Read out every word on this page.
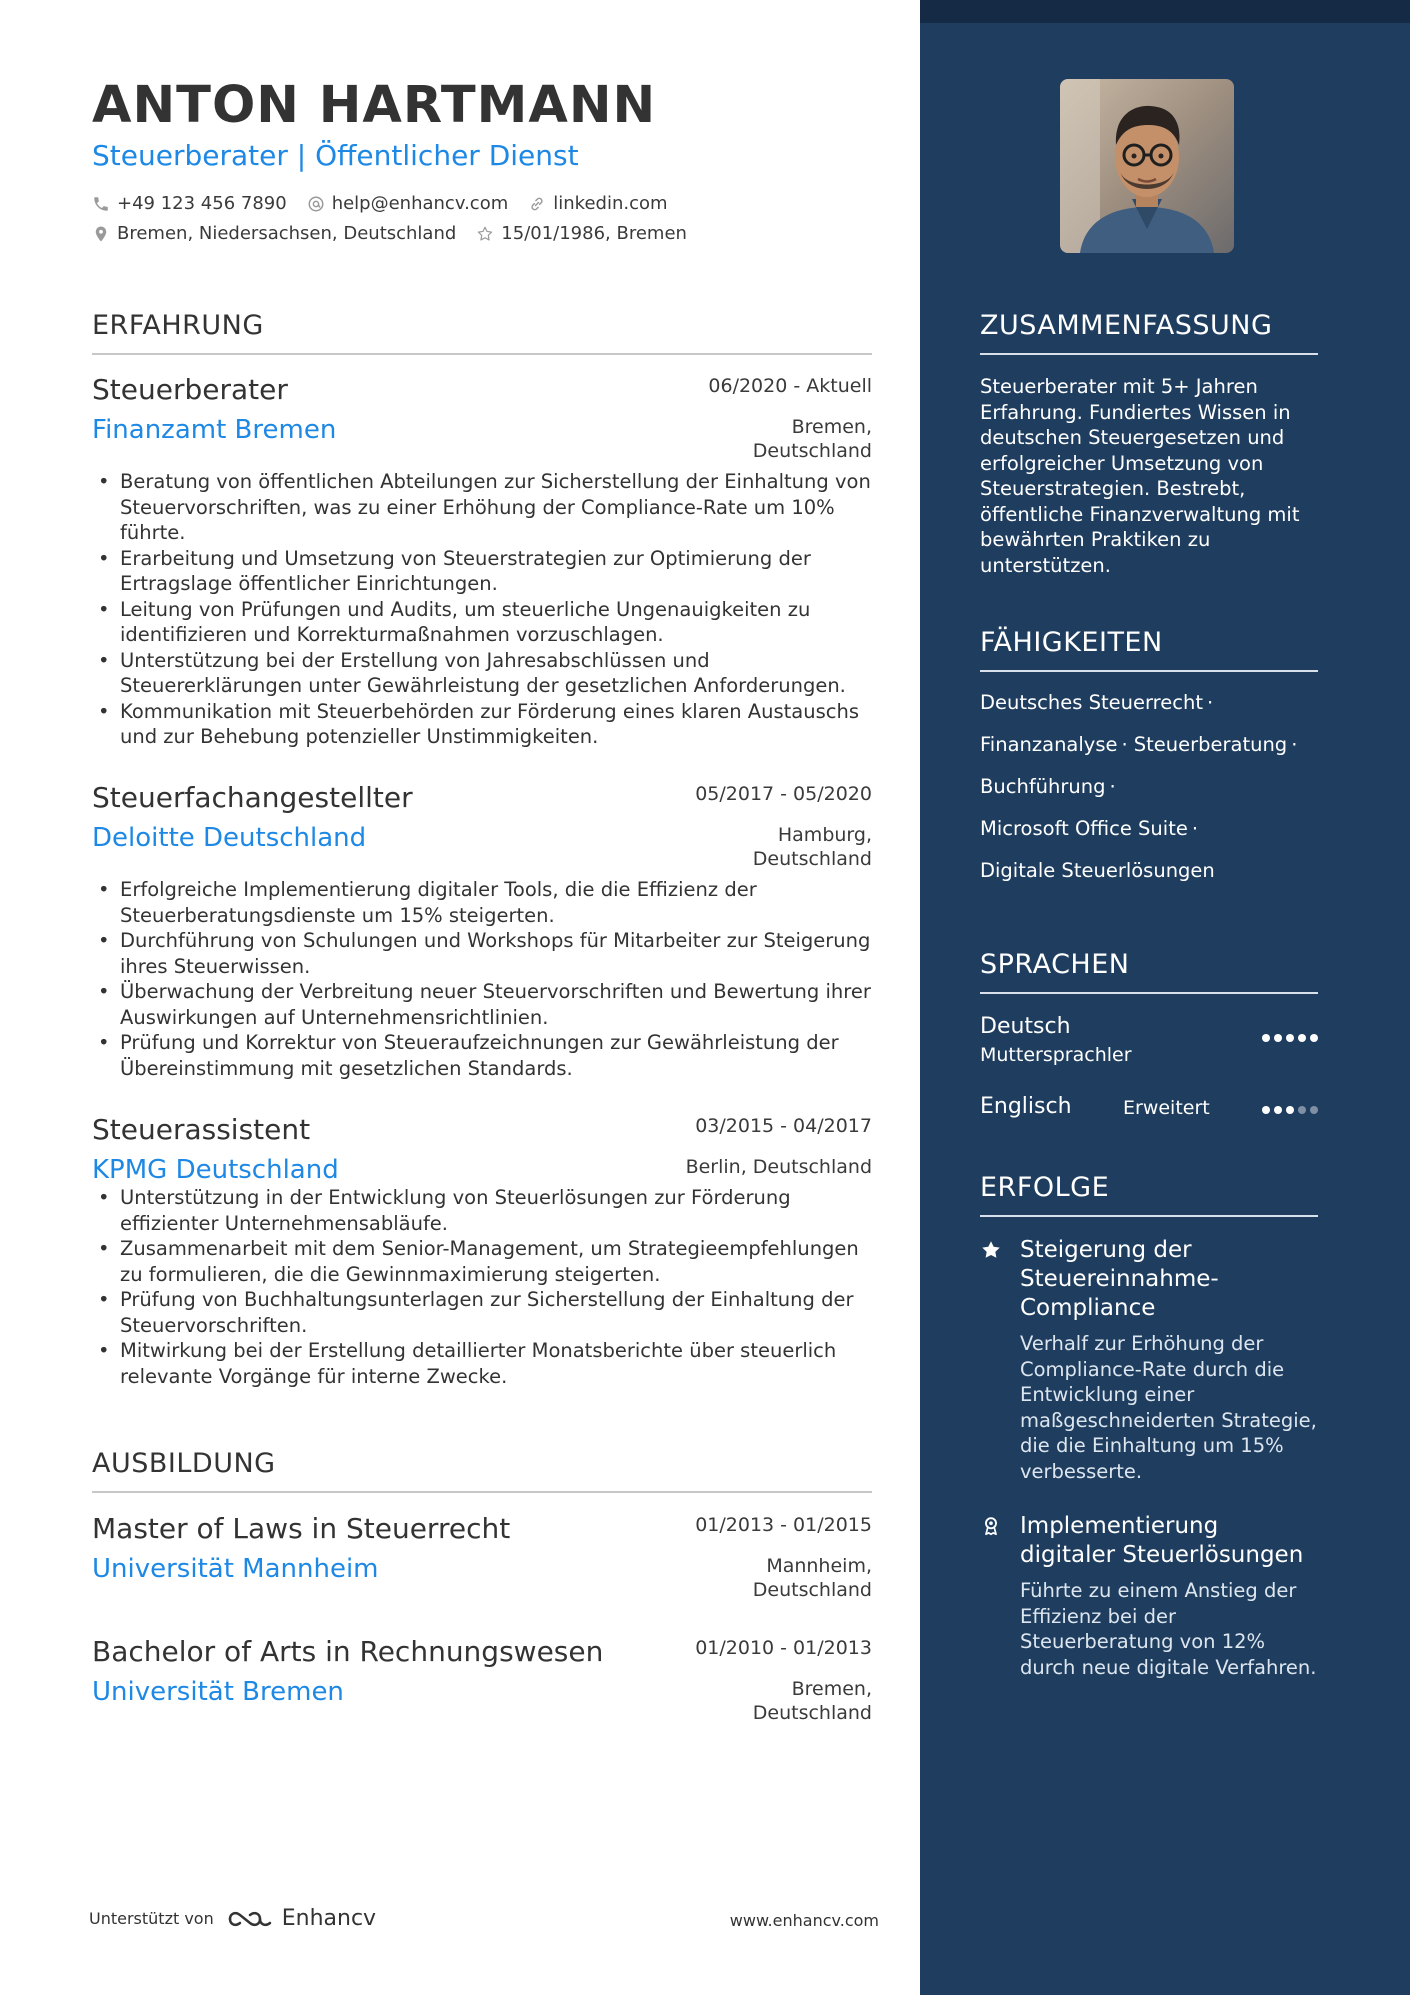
ANTON HARTMANN
Steuerberater | Öffentlicher Dienst
+49 123 456 7890	help@enhancv.com	linkedin.com
Bremen, Niedersachsen, Deutschland	15/01/1986, Bremen
ERFAHRUNG
Steuerberater	06/2020 - Aktuell
Finanzamt Bremen	Bremen, Deutschland
• Beratung von öffentlichen Abteilungen zur Sicherstellung der Einhaltung von Steuervorschriften, was zu einer Erhöhung der Compliance-Rate um 10% führte.
• Erarbeitung und Umsetzung von Steuerstrategien zur Optimierung der Ertragslage öffentlicher Einrichtungen.
• Leitung von Prüfungen und Audits, um steuerliche Ungenauigkeiten zu identifizieren und Korrekturmaßnahmen vorzuschlagen.
• Unterstützung bei der Erstellung von Jahresabschlüssen und Steuererklärungen unter Gewährleistung der gesetzlichen Anforderungen.
• Kommunikation mit Steuerbehörden zur Förderung eines klaren Austauschs und zur Behebung potenzieller Unstimmigkeiten.
Steuerfachangestellter	05/2017 - 05/2020
Deloitte Deutschland	Hamburg, Deutschland
• Erfolgreiche Implementierung digitaler Tools, die die Effizienz der Steuerberatungsdienste um 15% steigerten.
• Durchführung von Schulungen und Workshops für Mitarbeiter zur Steigerung ihres Steuerwissen.
• Überwachung der Verbreitung neuer Steuervorschriften und Bewertung ihrer Auswirkungen auf Unternehmensrichtlinien.
• Prüfung und Korrektur von Steueraufzeichnungen zur Gewährleistung der Übereinstimmung mit gesetzlichen Standards.
Steuerassistent	03/2015 - 04/2017
KPMG Deutschland	Berlin, Deutschland
• Unterstützung in der Entwicklung von Steuerlösungen zur Förderung effizienter Unternehmensabläufe.
• Zusammenarbeit mit dem Senior-Management, um Strategieempfehlungen zu formulieren, die die Gewinnmaximierung steigerten.
• Prüfung von Buchhaltungsunterlagen zur Sicherstellung der Einhaltung der Steuervorschriften.
• Mitwirkung bei der Erstellung detaillierter Monatsberichte über steuerlich relevante Vorgänge für interne Zwecke.
AUSBILDUNG
Master of Laws in Steuerrecht	01/2013 - 01/2015
Universität Mannheim	Mannheim, Deutschland
Bachelor of Arts in Rechnungswesen	01/2010 - 01/2013
Universität Bremen	Bremen, Deutschland
ZUSAMMENFASSUNG
Steuerberater mit 5+ Jahren Erfahrung. Fundiertes Wissen in deutschen Steuergesetzen und erfolgreicher Umsetzung von Steuerstrategien. Bestrebt, öffentliche Finanzverwaltung mit bewährten Praktiken zu unterstützen.
FÄHIGKEITEN
Deutsches Steuerrecht ·
Finanzanalyse · Steuerberatung ·
Buchführung ·
Microsoft Office Suite ·
Digitale Steuerlösungen
SPRACHEN
Deutsch
Muttersprachler
Englisch	Erweitert
ERFOLGE
Steigerung der Steuereinnahme-Compliance
Verhalf zur Erhöhung der Compliance-Rate durch die Entwicklung einer maßgeschneiderten Strategie, die die Einhaltung um 15% verbesserte.
Implementierung digitaler Steuerlösungen
Führte zu einem Anstieg der Effizienz bei der Steuerberatung von 12% durch neue digitale Verfahren.
Unterstützt von	Enhancv	www.enhancv.com
